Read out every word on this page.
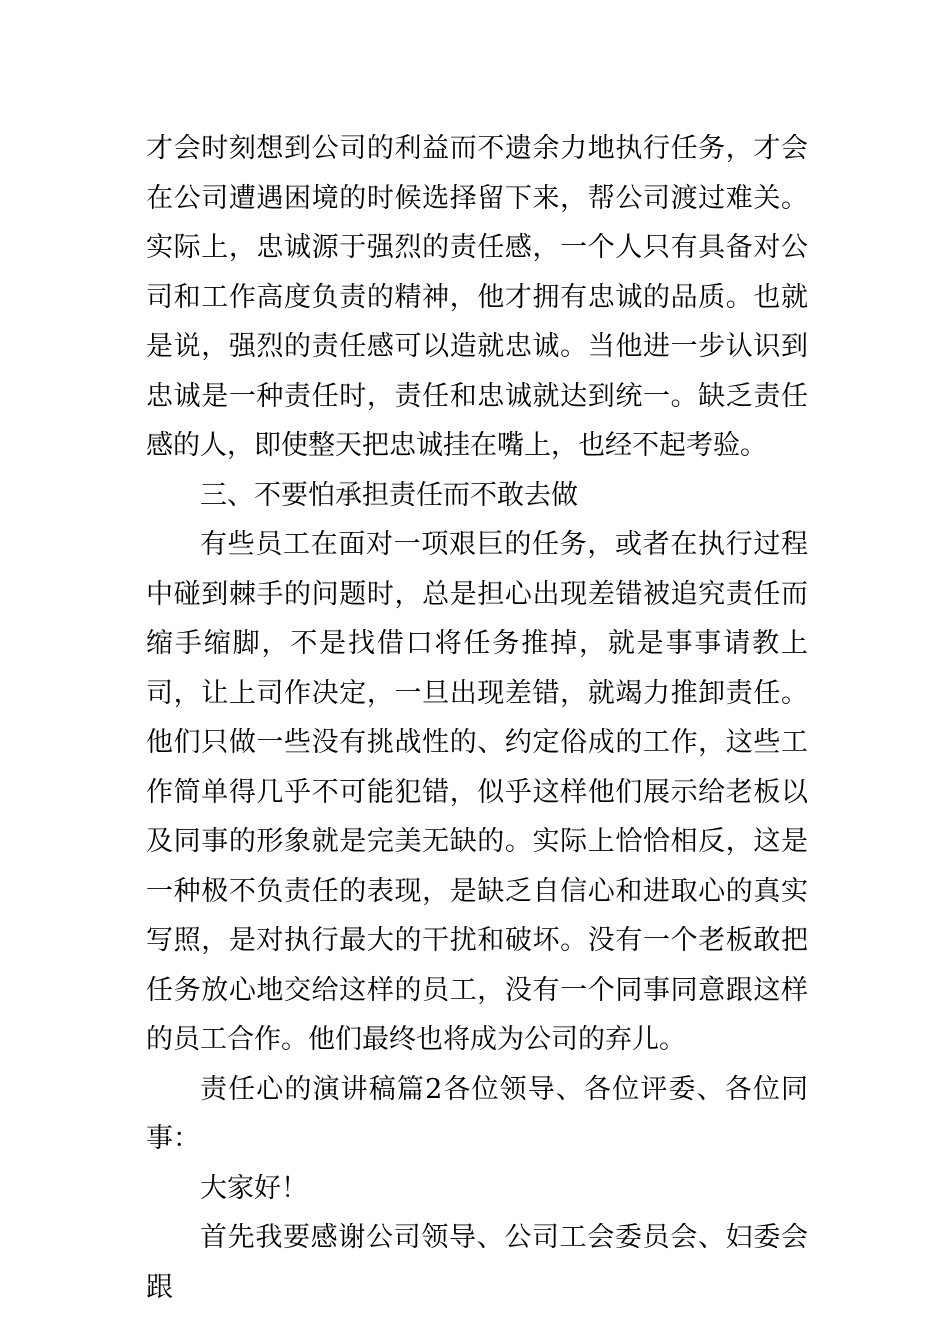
才会时刻想到公司的利益而不遗余力地执行任务，才会在公司遭遇困境的时候选择留下来，帮公司渡过难关。实际上，忠诚源于强烈的责任感，一个人只有具备对公司和工作高度负责的精神，他才拥有忠诚的品质。也就是说，强烈的责任感可以造就忠诚。当他进一步认识到忠诚是一种责任时，责任和忠诚就达到统一。缺乏责任感的人，即使整天把忠诚挂在嘴上，也经不起考验。

三、不要怕承担责任而不敢去做

有些员工在面对一项艰巨的任务，或者在执行过程中碰到棘手的问题时，总是担心出现差错被追究责任而缩手缩脚，不是找借口将任务推掉，就是事事请教上司，让上司作决定，一旦出现差错，就竭力推卸责任。他们只做一些没有挑战性的、约定俗成的工作，这些工作简单得几乎不可能犯错，似乎这样他们展示给老板以及同事的形象就是完美无缺的。实际上恰恰相反，这是一种极不负责任的表现，是缺乏自信心和进取心的真实写照，是对执行最大的干扰和破坏。没有一个老板敢把任务放心地交给这样的员工，没有一个同事同意跟这样的员工合作。他们最终也将成为公司的弃儿。

责任心的演讲稿篇2各位领导、各位评委、各位同事：

大家好！

首先我要感谢公司领导、公司工会委员会、妇委会跟
